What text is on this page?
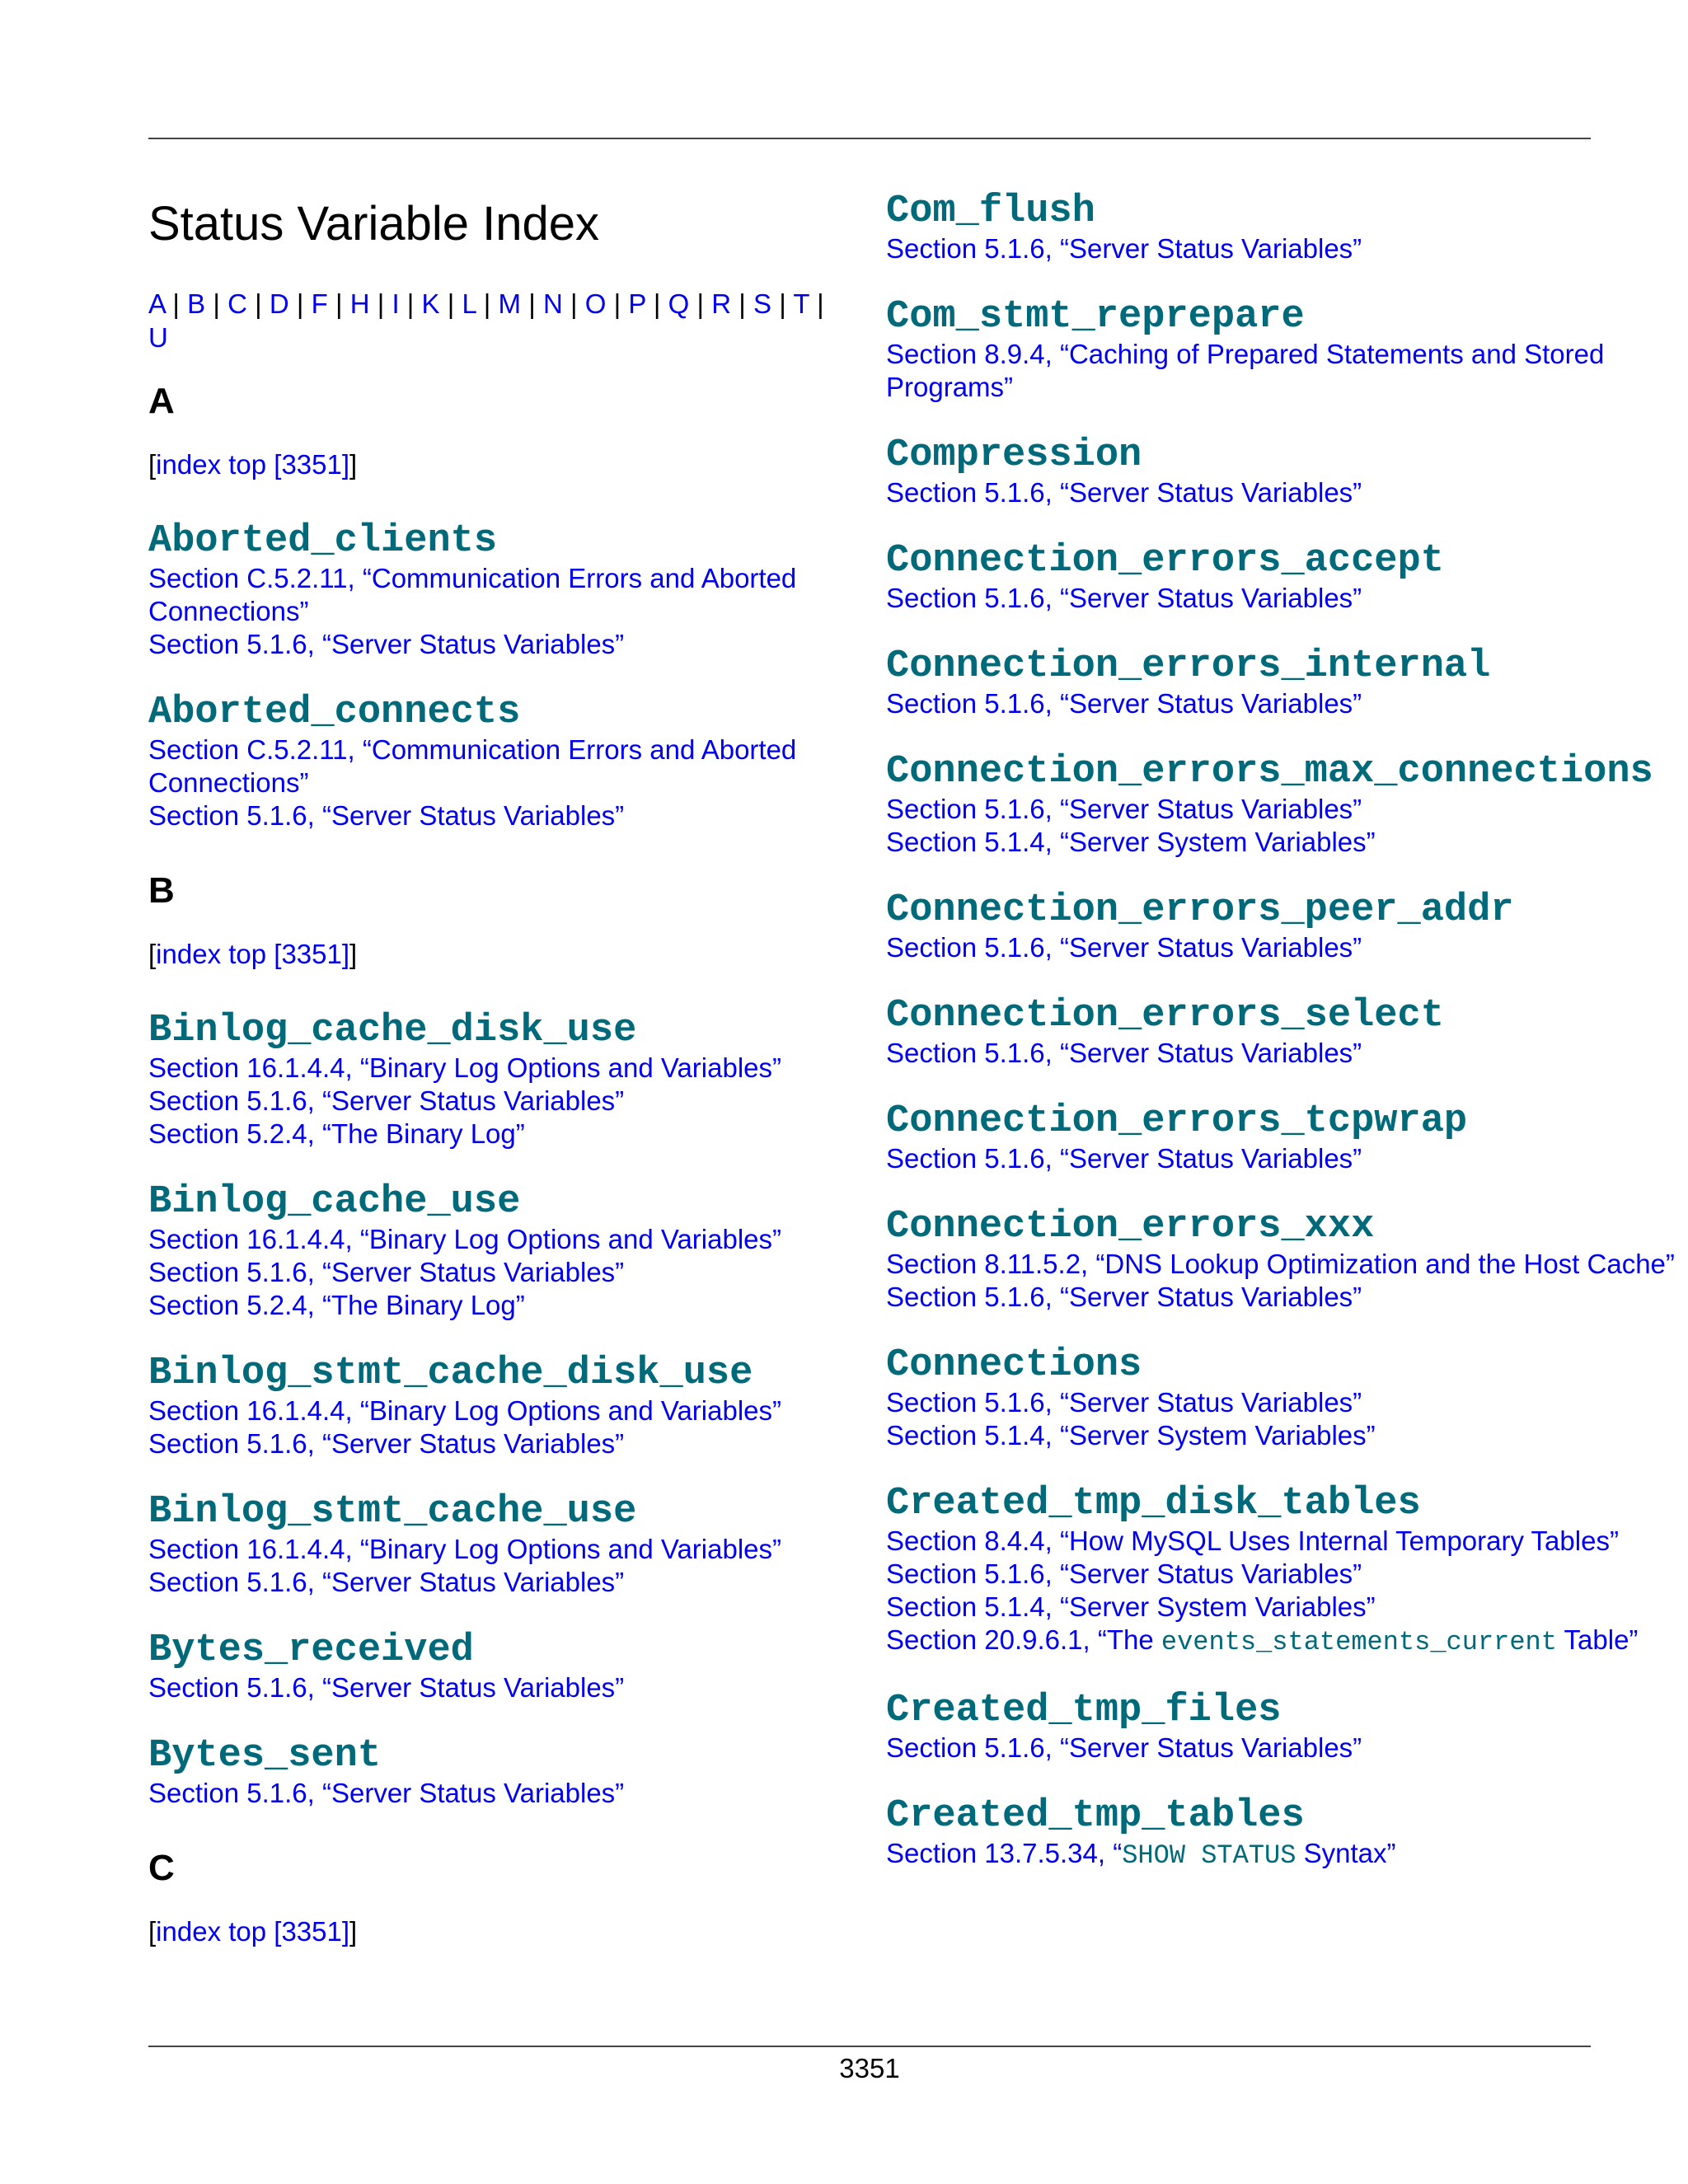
Status Variable Index
A | B | C | D | F | H | I | K | L | M | N | O | P | Q | R | S | T | U
A
[index top [3351]]
Aborted_clients
Section C.5.2.11, “Communication Errors and Aborted Connections”
Section 5.1.6, “Server Status Variables”
Aborted_connects
Section C.5.2.11, “Communication Errors and Aborted Connections”
Section 5.1.6, “Server Status Variables”
B
[index top [3351]]
Binlog_cache_disk_use
Section 16.1.4.4, “Binary Log Options and Variables”
Section 5.1.6, “Server Status Variables”
Section 5.2.4, “The Binary Log”
Binlog_cache_use
Section 16.1.4.4, “Binary Log Options and Variables”
Section 5.1.6, “Server Status Variables”
Section 5.2.4, “The Binary Log”
Binlog_stmt_cache_disk_use
Section 16.1.4.4, “Binary Log Options and Variables”
Section 5.1.6, “Server Status Variables”
Binlog_stmt_cache_use
Section 16.1.4.4, “Binary Log Options and Variables”
Section 5.1.6, “Server Status Variables”
Bytes_received
Section 5.1.6, “Server Status Variables”
Bytes_sent
Section 5.1.6, “Server Status Variables”
C
[index top [3351]]
Com_flush
Section 5.1.6, “Server Status Variables”
Com_stmt_reprepare
Section 8.9.4, “Caching of Prepared Statements and Stored Programs”
Compression
Section 5.1.6, “Server Status Variables”
Connection_errors_accept
Section 5.1.6, “Server Status Variables”
Connection_errors_internal
Section 5.1.6, “Server Status Variables”
Connection_errors_max_connections
Section 5.1.6, “Server Status Variables”
Section 5.1.4, “Server System Variables”
Connection_errors_peer_addr
Section 5.1.6, “Server Status Variables”
Connection_errors_select
Section 5.1.6, “Server Status Variables”
Connection_errors_tcpwrap
Section 5.1.6, “Server Status Variables”
Connection_errors_xxx
Section 8.11.5.2, “DNS Lookup Optimization and the Host Cache”
Section 5.1.6, “Server Status Variables”
Connections
Section 5.1.6, “Server Status Variables”
Section 5.1.4, “Server System Variables”
Created_tmp_disk_tables
Section 8.4.4, “How MySQL Uses Internal Temporary Tables”
Section 5.1.6, “Server Status Variables”
Section 5.1.4, “Server System Variables”
Section 20.9.6.1, “The events_statements_current Table”
Created_tmp_files
Section 5.1.6, “Server Status Variables”
Created_tmp_tables
Section 13.7.5.34, “SHOW STATUS Syntax”
3351
